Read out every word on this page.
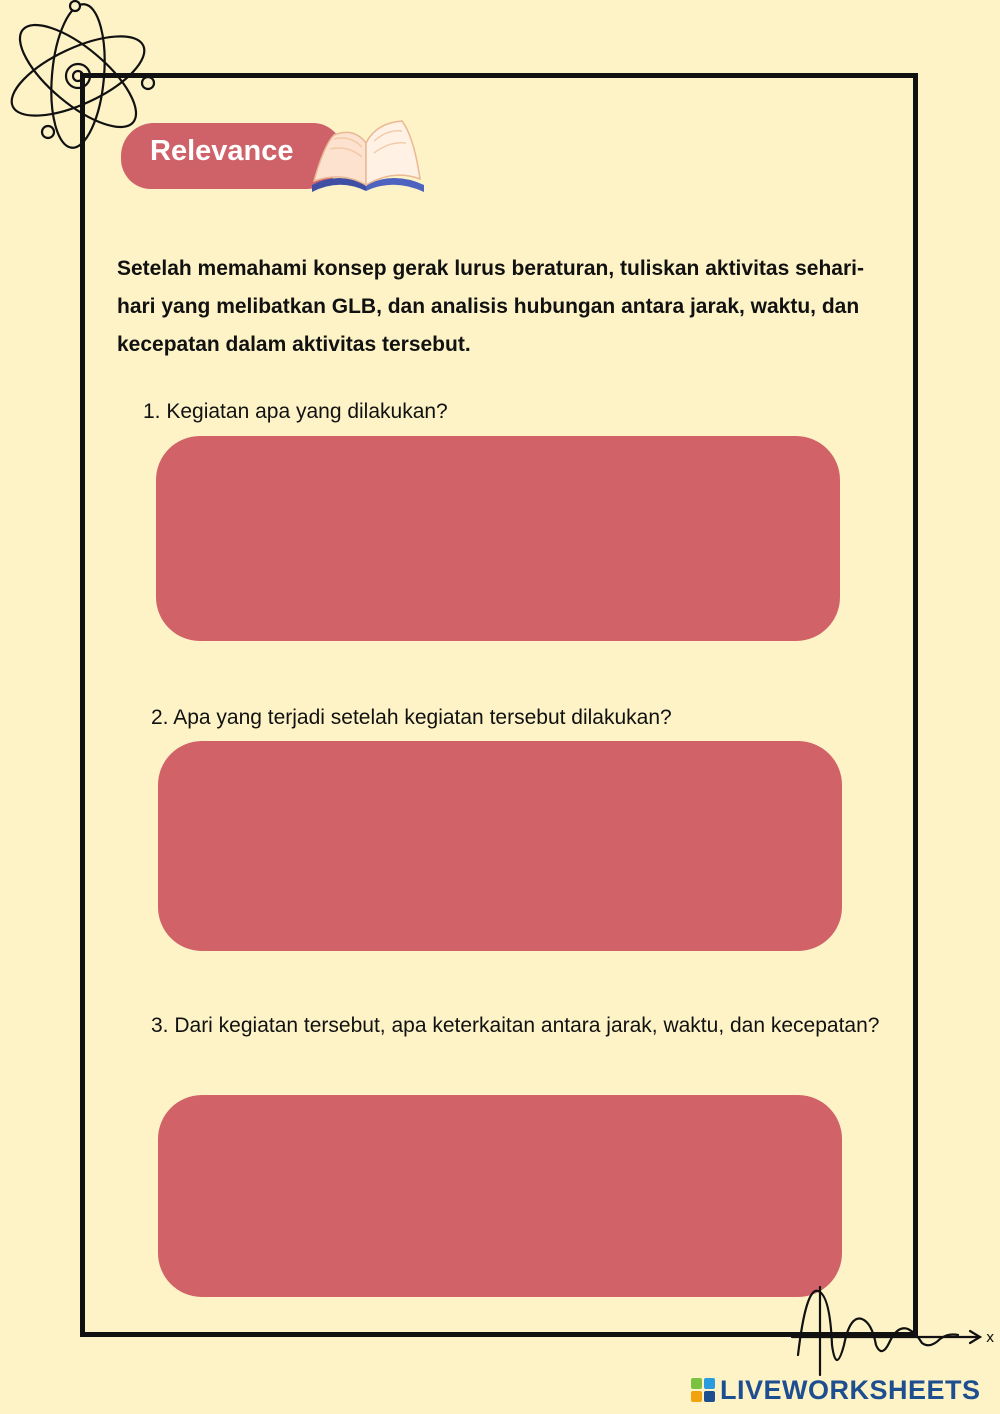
Relevance
Setelah memahami konsep gerak lurus beraturan, tuliskan aktivitas sehari-hari yang melibatkan GLB, dan analisis hubungan antara jarak, waktu, dan kecepatan dalam aktivitas tersebut.
1. Kegiatan apa yang dilakukan?
2. Apa yang terjadi setelah kegiatan tersebut dilakukan?
3. Dari kegiatan tersebut, apa keterkaitan antara jarak, waktu, dan kecepatan?
x
LIVEWORKSHEETS
